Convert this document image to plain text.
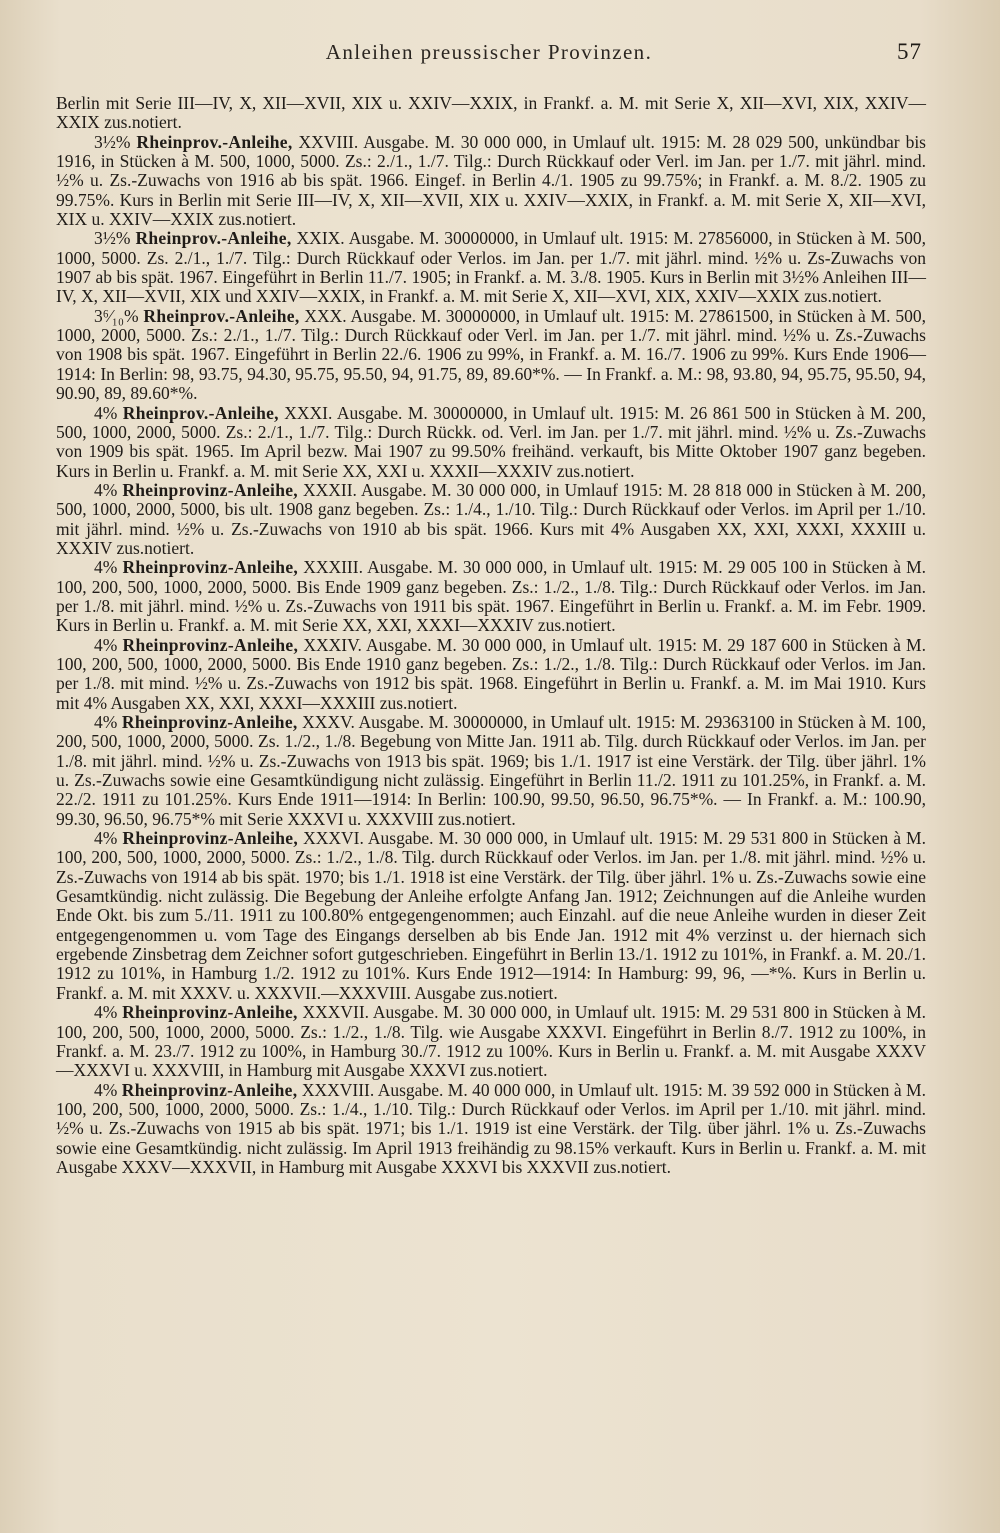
Anleihen preussischer Provinzen.	57

Berlin mit Serie III—IV, X, XII—XVII, XIX u. XXIV—XXIX, in Frankf. a. M. mit Serie X, XII—XVI, XIX, XXIV—XXIX zus.notiert.

3½% Rheinprov.-Anleihe, XXVIII. Ausgabe. M. 30 000 000, in Umlauf ult. 1915: M. 28 029 500, unkündbar bis 1916, in Stücken à M. 500, 1000, 5000. Zs.: 2./1., 1./7. Tilg.: Durch Rückkauf oder Verl. im Jan. per 1./7. mit jährl. mind. ½% u. Zs.-Zuwachs von 1916 ab bis spät. 1966. Eingef. in Berlin 4./1. 1905 zu 99.75%; in Frankf. a. M. 8./2. 1905 zu 99.75%. Kurs in Berlin mit Serie III—IV, X, XII—XVII, XIX u. XXIV—XXIX, in Frankf. a. M. mit Serie X, XII—XVI, XIX u. XXIV—XXIX zus.notiert.

3½% Rheinprov.-Anleihe, XXIX. Ausgabe. M. 30000000, in Umlauf ult. 1915: M. 27856000, in Stücken à M. 500, 1000, 5000. Zs. 2./1., 1./7. Tilg.: Durch Rückkauf oder Verlos. im Jan. per 1./7. mit jährl. mind. ½% u. Zs-Zuwachs von 1907 ab bis spät. 1967. Eingeführt in Berlin 11./7. 1905; in Frankf. a. M. 3./8. 1905. Kurs in Berlin mit 3½% Anleihen III—IV, X, XII—XVII, XIX und XXIV—XXIX, in Frankf. a. M. mit Serie X, XII—XVI, XIX, XXIV—XXIX zus.notiert.

3⁶⁄₁₀% Rheinprov.-Anleihe, XXX. Ausgabe. M. 30000000, in Umlauf ult. 1915: M. 27861500, in Stücken à M. 500, 1000, 2000, 5000. Zs.: 2./1., 1./7. Tilg.: Durch Rückkauf oder Verl. im Jan. per 1./7. mit jährl. mind. ½% u. Zs.-Zuwachs von 1908 bis spät. 1967. Eingeführt in Berlin 22./6. 1906 zu 99%, in Frankf. a. M. 16./7. 1906 zu 99%. Kurs Ende 1906—1914: In Berlin: 98, 93.75, 94.30, 95.75, 95.50, 94, 91.75, 89, 89.60*%. — In Frankf. a. M.: 98, 93.80, 94, 95.75, 95.50, 94, 90.90, 89, 89.60*%.

4% Rheinprov.-Anleihe, XXXI. Ausgabe. M. 30000000, in Umlauf ult. 1915: M. 26 861 500 in Stücken à M. 200, 500, 1000, 2000, 5000. Zs.: 2./1., 1./7. Tilg.: Durch Rückk. od. Verl. im Jan. per 1./7. mit jährl. mind. ½% u. Zs.-Zuwachs von 1909 bis spät. 1965. Im April bezw. Mai 1907 zu 99.50% freihänd. verkauft, bis Mitte Oktober 1907 ganz begeben. Kurs in Berlin u. Frankf. a. M. mit Serie XX, XXI u. XXXII—XXXIV zus.notiert.

4% Rheinprovinz-Anleihe, XXXII. Ausgabe. M. 30 000 000, in Umlauf 1915: M. 28 818 000 in Stücken à M. 200, 500, 1000, 2000, 5000, bis ult. 1908 ganz begeben. Zs.: 1./4., 1./10. Tilg.: Durch Rückkauf oder Verlos. im April per 1./10. mit jährl. mind. ½% u. Zs.-Zuwachs von 1910 ab bis spät. 1966. Kurs mit 4% Ausgaben XX, XXI, XXXI, XXXIII u. XXXIV zus.notiert.

4% Rheinprovinz-Anleihe, XXXIII. Ausgabe. M. 30 000 000, in Umlauf ult. 1915: M. 29 005 100 in Stücken à M. 100, 200, 500, 1000, 2000, 5000. Bis Ende 1909 ganz begeben. Zs.: 1./2., 1./8. Tilg.: Durch Rückkauf oder Verlos. im Jan. per 1./8. mit jährl. mind. ½% u. Zs.-Zuwachs von 1911 bis spät. 1967. Eingeführt in Berlin u. Frankf. a. M. im Febr. 1909. Kurs in Berlin u. Frankf. a. M. mit Serie XX, XXI, XXXI—XXXIV zus.notiert.

4% Rheinprovinz-Anleihe, XXXIV. Ausgabe. M. 30 000 000, in Umlauf ult. 1915: M. 29 187 600 in Stücken à M. 100, 200, 500, 1000, 2000, 5000. Bis Ende 1910 ganz begeben. Zs.: 1./2., 1./8. Tilg.: Durch Rückkauf oder Verlos. im Jan. per 1./8. mit mind. ½% u. Zs.-Zuwachs von 1912 bis spät. 1968. Eingeführt in Berlin u. Frankf. a. M. im Mai 1910. Kurs mit 4% Ausgaben XX, XXI, XXXI—XXXIII zus.notiert.

4% Rheinprovinz-Anleihe, XXXV. Ausgabe. M. 30000000, in Umlauf ult. 1915: M. 29363100 in Stücken à M. 100, 200, 500, 1000, 2000, 5000. Zs. 1./2., 1./8. Begebung von Mitte Jan. 1911 ab. Tilg. durch Rückkauf oder Verlos. im Jan. per 1./8. mit jährl. mind. ½% u. Zs.-Zuwachs von 1913 bis spät. 1969; bis 1./1. 1917 ist eine Verstärk. der Tilg. über jährl. 1% u. Zs.-Zuwachs sowie eine Gesamtkündigung nicht zulässig. Eingeführt in Berlin 11./2. 1911 zu 101.25%, in Frankf. a. M. 22./2. 1911 zu 101.25%. Kurs Ende 1911—1914: In Berlin: 100.90, 99.50, 96.50, 96.75*%. — In Frankf. a. M.: 100.90, 99.30, 96.50, 96.75*% mit Serie XXXVI u. XXXVIII zus.notiert.

4% Rheinprovinz-Anleihe, XXXVI. Ausgabe. M. 30 000 000, in Umlauf ult. 1915: M. 29 531 800 in Stücken à M. 100, 200, 500, 1000, 2000, 5000. Zs.: 1./2., 1./8. Tilg. durch Rückkauf oder Verlos. im Jan. per 1./8. mit jährl. mind. ½% u. Zs.-Zuwachs von 1914 ab bis spät. 1970; bis 1./1. 1918 ist eine Verstärk. der Tilg. über jährl. 1% u. Zs.-Zuwachs sowie eine Gesamtkündig. nicht zulässig. Die Begebung der Anleihe erfolgte Anfang Jan. 1912; Zeichnungen auf die Anleihe wurden Ende Okt. bis zum 5./11. 1911 zu 100.80% entgegengenommen; auch Einzahl. auf die neue Anleihe wurden in dieser Zeit entgegengenommen u. vom Tage des Eingangs derselben ab bis Ende Jan. 1912 mit 4% verzinst u. der hiernach sich ergebende Zinsbetrag dem Zeichner sofort gutgeschrieben. Eingeführt in Berlin 13./1. 1912 zu 101%, in Frankf. a. M. 20./1. 1912 zu 101%, in Hamburg 1./2. 1912 zu 101%. Kurs Ende 1912—1914: In Hamburg: 99, 96, —*%. Kurs in Berlin u. Frankf. a. M. mit XXXV. u. XXXVII.—XXXVIII. Ausgabe zus.notiert.

4% Rheinprovinz-Anleihe, XXXVII. Ausgabe. M. 30 000 000, in Umlauf ult. 1915: M. 29 531 800 in Stücken à M. 100, 200, 500, 1000, 2000, 5000. Zs.: 1./2., 1./8. Tilg. wie Ausgabe XXXVI. Eingeführt in Berlin 8./7. 1912 zu 100%, in Frankf. a. M. 23./7. 1912 zu 100%, in Hamburg 30./7. 1912 zu 100%. Kurs in Berlin u. Frankf. a. M. mit Ausgabe XXXV—XXXVI u. XXXVIII, in Hamburg mit Ausgabe XXXVI zus.notiert.

4% Rheinprovinz-Anleihe, XXXVIII. Ausgabe. M. 40 000 000, in Umlauf ult. 1915: M. 39 592 000 in Stücken à M. 100, 200, 500, 1000, 2000, 5000. Zs.: 1./4., 1./10. Tilg.: Durch Rückkauf oder Verlos. im April per 1./10. mit jährl. mind. ½% u. Zs.-Zuwachs von 1915 ab bis spät. 1971; bis 1./1. 1919 ist eine Verstärk. der Tilg. über jährl. 1% u. Zs.-Zuwachs sowie eine Gesamtkündig. nicht zulässig. Im April 1913 freihändig zu 98.15% verkauft. Kurs in Berlin u. Frankf. a. M. mit Ausgabe XXXV—XXXVII, in Hamburg mit Ausgabe XXXVI bis XXXVII zus.notiert.
